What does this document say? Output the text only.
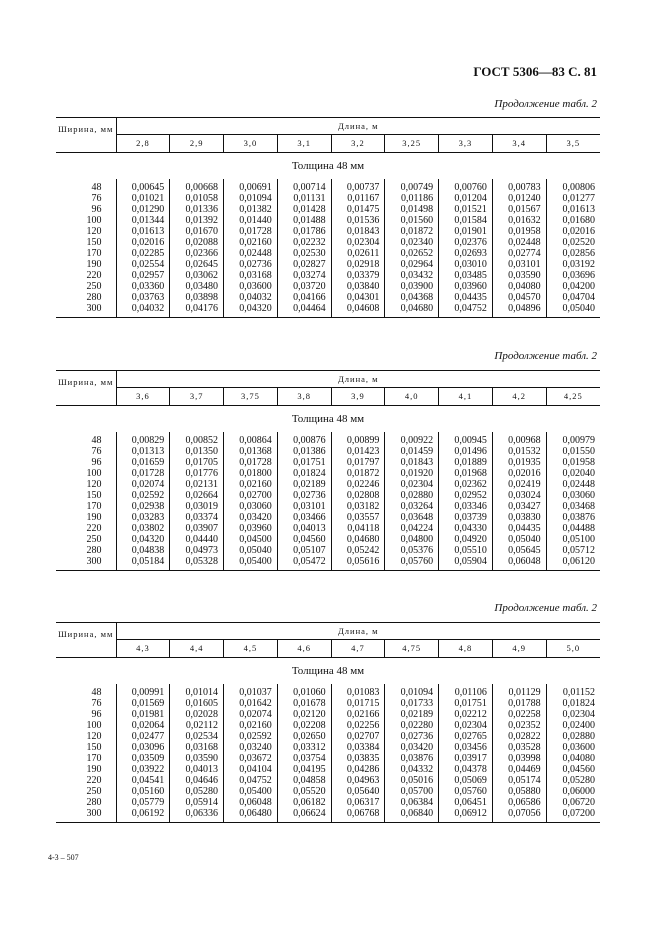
ГОСТ 5306—83 С. 81
Продолжение табл. 2
Ширина, мм	Длина, м								
	2,8	2,9	3,0	3,1	3,2	3,25	3,3	3,4	3,5
Толщина 48 мм									
48	0,00645	0,00668	0,00691	0,00714	0,00737	0,00749	0,00760	0,00783	0,00806
76	0,01021	0,01058	0,01094	0,01131	0,01167	0,01186	0,01204	0,01240	0,01277
96	0,01290	0,01336	0,01382	0,01428	0,01475	0,01498	0,01521	0,01567	0,01613
100	0,01344	0,01392	0,01440	0,01488	0,01536	0,01560	0,01584	0,01632	0,01680
120	0,01613	0,01670	0,01728	0,01786	0,01843	0,01872	0,01901	0,01958	0,02016
150	0,02016	0,02088	0,02160	0,02232	0,02304	0,02340	0,02376	0,02448	0,02520
170	0,02285	0,02366	0,02448	0,02530	0,02611	0,02652	0,02693	0,02774	0,02856
190	0,02554	0,02645	0,02736	0,02827	0,02918	0,02964	0,03010	0,03101	0,03192
220	0,02957	0,03062	0,03168	0,03274	0,03379	0,03432	0,03485	0,03590	0,03696
250	0,03360	0,03480	0,03600	0,03720	0,03840	0,03900	0,03960	0,04080	0,04200
280	0,03763	0,03898	0,04032	0,04166	0,04301	0,04368	0,04435	0,04570	0,04704
300	0,04032	0,04176	0,04320	0,04464	0,04608	0,04680	0,04752	0,04896	0,05040
Продолжение табл. 2
Ширина, мм	Длина, м								
	3,6	3,7	3,75	3,8	3,9	4,0	4,1	4,2	4,25
Толщина 48 мм									
48	0,00829	0,00852	0,00864	0,00876	0,00899	0,00922	0,00945	0,00968	0,00979
76	0,01313	0,01350	0,01368	0,01386	0,01423	0,01459	0,01496	0,01532	0,01550
96	0,01659	0,01705	0,01728	0,01751	0,01797	0,01843	0,01889	0,01935	0,01958
100	0,01728	0,01776	0,01800	0,01824	0,01872	0,01920	0,01968	0,02016	0,02040
120	0,02074	0,02131	0,02160	0,02189	0,02246	0,02304	0,02362	0,02419	0,02448
150	0,02592	0,02664	0,02700	0,02736	0,02808	0,02880	0,02952	0,03024	0,03060
170	0,02938	0,03019	0,03060	0,03101	0,03182	0,03264	0,03346	0,03427	0,03468
190	0,03283	0,03374	0,03420	0,03466	0,03557	0,03648	0,03739	0,03830	0,03876
220	0,03802	0,03907	0,03960	0,04013	0,04118	0,04224	0,04330	0,04435	0,04488
250	0,04320	0,04440	0,04500	0,04560	0,04680	0,04800	0,04920	0,05040	0,05100
280	0,04838	0,04973	0,05040	0,05107	0,05242	0,05376	0,05510	0,05645	0,05712
300	0,05184	0,05328	0,05400	0,05472	0,05616	0,05760	0,05904	0,06048	0,06120
Продолжение табл. 2
Ширина, мм	Длина, м								
	4,3	4,4	4,5	4,6	4,7	4,75	4,8	4,9	5,0
Толщина 48 мм									
48	0,00991	0,01014	0,01037	0,01060	0,01083	0,01094	0,01106	0,01129	0,01152
76	0,01569	0,01605	0,01642	0,01678	0,01715	0,01733	0,01751	0,01788	0,01824
96	0,01981	0,02028	0,02074	0,02120	0,02166	0,02189	0,02212	0,02258	0,02304
100	0,02064	0,02112	0,02160	0,02208	0,02256	0,02280	0,02304	0,02352	0,02400
120	0,02477	0,02534	0,02592	0,02650	0,02707	0,02736	0,02765	0,02822	0,02880
150	0,03096	0,03168	0,03240	0,03312	0,03384	0,03420	0,03456	0,03528	0,03600
170	0,03509	0,03590	0,03672	0,03754	0,03835	0,03876	0,03917	0,03998	0,04080
190	0,03922	0,04013	0,04104	0,04195	0,04286	0,04332	0,04378	0,04469	0,04560
220	0,04541	0,04646	0,04752	0,04858	0,04963	0,05016	0,05069	0,05174	0,05280
250	0,05160	0,05280	0,05400	0,05520	0,05640	0,05700	0,05760	0,05880	0,06000
280	0,05779	0,05914	0,06048	0,06182	0,06317	0,06384	0,06451	0,06586	0,06720
300	0,06192	0,06336	0,06480	0,06624	0,06768	0,06840	0,06912	0,07056	0,07200
4-3 – 507
